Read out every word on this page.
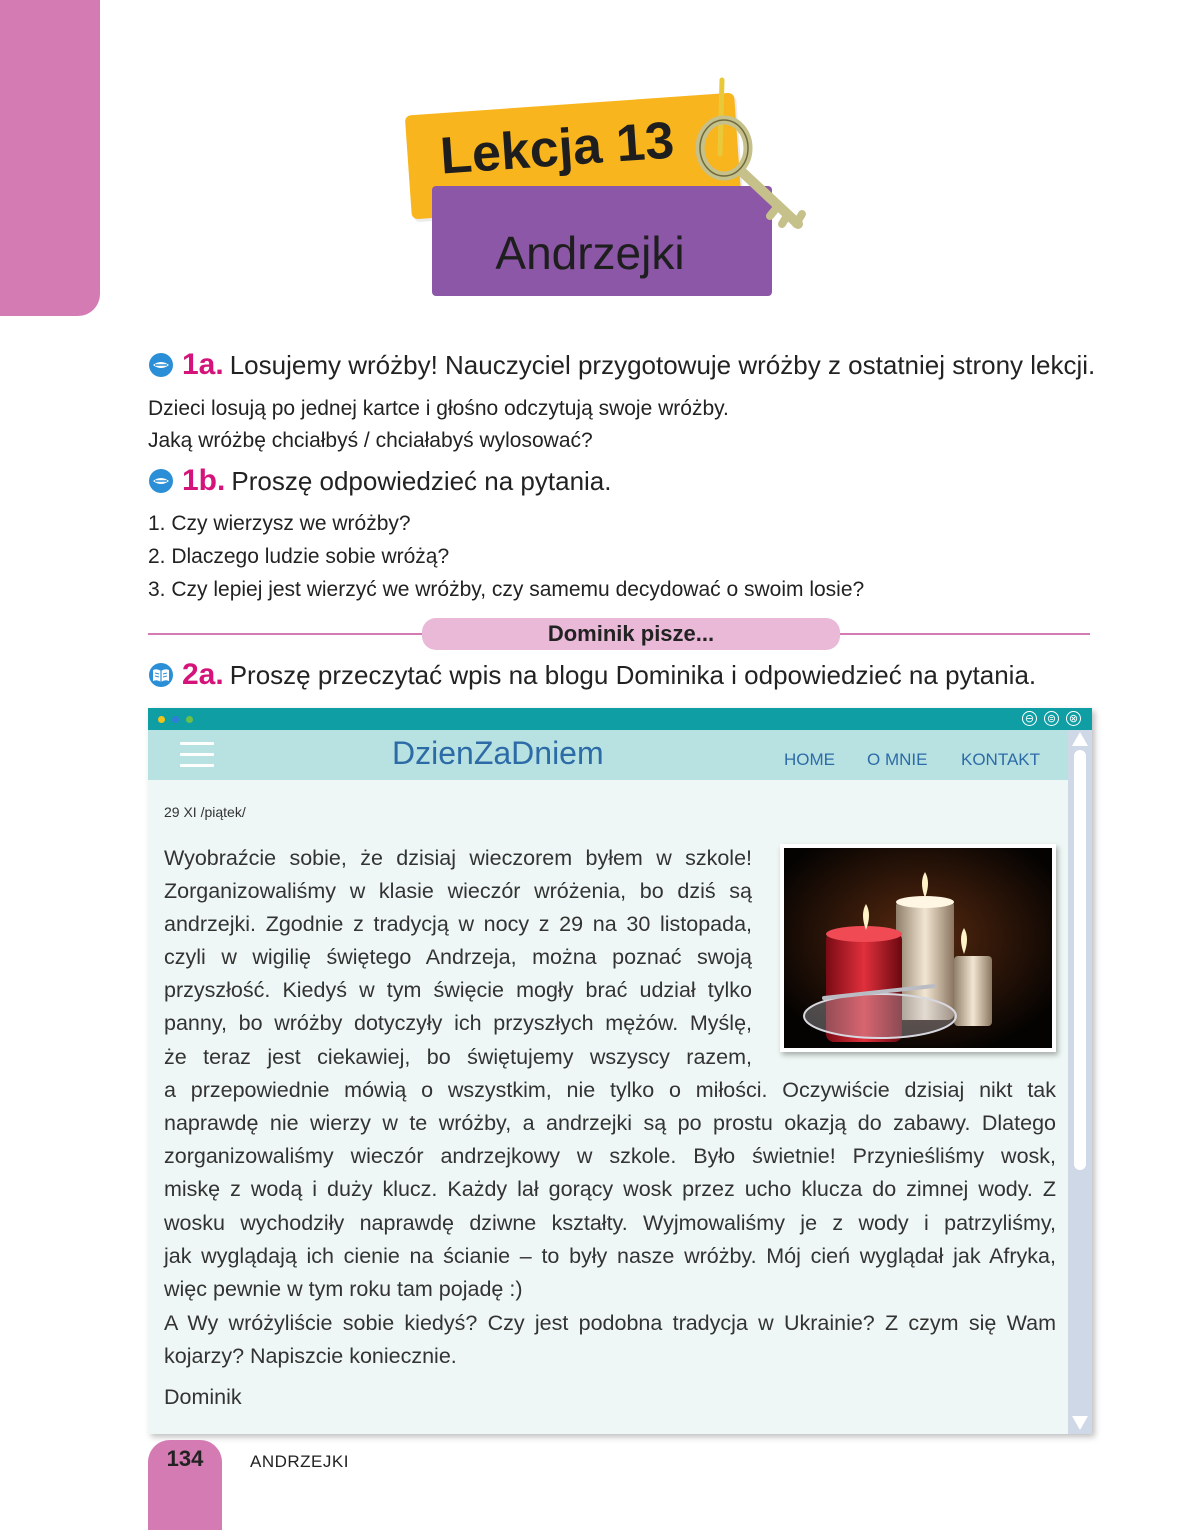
Lekcja 13
Andrzejki
1a. Losujemy wróżby! Nauczyciel przygotowuje wróżby z ostatniej strony lekcji.
Dzieci losują po jednej kartce i głośno odczytują swoje wróżby.
Jaką wróżbę chciałbyś / chciałabyś wylosować?
1b. Proszę odpowiedzieć na pytania.
1. Czy wierzysz we wróżby?
2. Dlaczego ludzie sobie wróżą?
3. Czy lepiej jest wierzyć we wróżby, czy samemu decydować o swoim losie?
Dominik pisze...
2a. Proszę przeczytać wpis na blogu Dominika i odpowiedzieć na pytania.
⊖ ⊜ ⊗
DzienZaDniem	HOME O MNIE KONTAKT
29 XI /piątek/
Wyobraźcie sobie, że dzisiaj wieczorem byłem w szkole!
Zorganizowaliśmy w klasie wieczór wróżenia, bo dziś są
andrzejki. Zgodnie z tradycją w nocy z 29 na 30 listopada,
czyli w wigilię świętego Andrzeja, można poznać swoją
przyszłość. Kiedyś w tym święcie mogły brać udział tylko
panny, bo wróżby dotyczyły ich przyszłych mężów. Myślę,
że teraz jest ciekawiej, bo świętujemy wszyscy razem,
a przepowiednie mówią o wszystkim, nie tylko o miłości. Oczywiście dzisiaj nikt tak
naprawdę nie wierzy w te wróżby, a andrzejki są po prostu okazją do zabawy. Dlatego
zorganizowaliśmy wieczór andrzejkowy w szkole. Było świetnie! Przynieśliśmy wosk,
miskę z wodą i duży klucz. Każdy lał gorący wosk przez ucho klucza do zimnej wody. Z
wosku wychodziły naprawdę dziwne kształty. Wyjmowaliśmy je z wody i patrzyliśmy,
jak wyglądają ich cienie na ścianie – to były nasze wróżby. Mój cień wyglądał jak Afryka,
więc pewnie w tym roku tam pojadę :)
A Wy wróżyliście sobie kiedyś? Czy jest podobna tradycja w Ukrainie? Z czym się Wam
kojarzy? Napiszcie koniecznie.
Dominik
134	ANDRZEJKI
